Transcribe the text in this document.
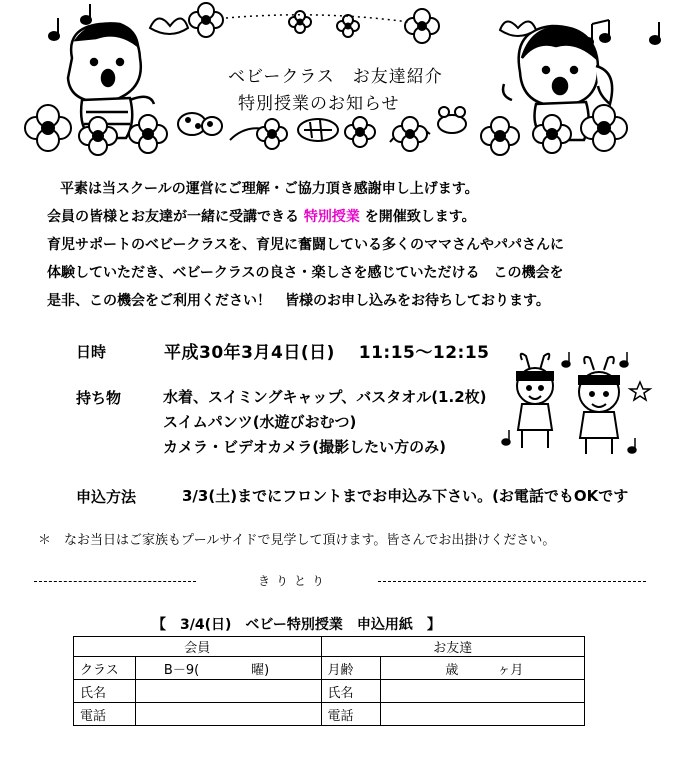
ベビークラス　お友達紹介
特別授業のお知らせ
平素は当スクールの運営にご理解・ご協力頂き感謝申し上げます。
会員の皆様とお友達が一緒に受講できる 特別授業 を開催致します。
育児サポートのベビークラスを、育児に奮闘している多くのママさんやパパさんに
体験していただき、ベビークラスの良さ・楽しさを感じていただける　この機会を
是非、この機会をご利用ください！　皆様のお申し込みをお待ちしております。
日時	平成30年3月4日(日)　 11:15～12:15
持ち物	水着、スイミングキャップ、バスタオル(1.2枚)
スイムパンツ(水遊びおむつ)
カメラ・ビデオカメラ(撮影したい方のみ)
申込方法	3/3(土)までにフロントまでお申込み下さい。(お電話でもOKです
＊　なお当日はご家族もプールサイドで見学して頂けます。皆さんでお出掛けください。
きりとり
【　3/4(日)　ベビー特別授業　申込用紙　】
会員		お友達	
クラス	B－9(　　　　曜)	月齢	歳　　　ヶ月
氏名		氏名	
電話		電話	
